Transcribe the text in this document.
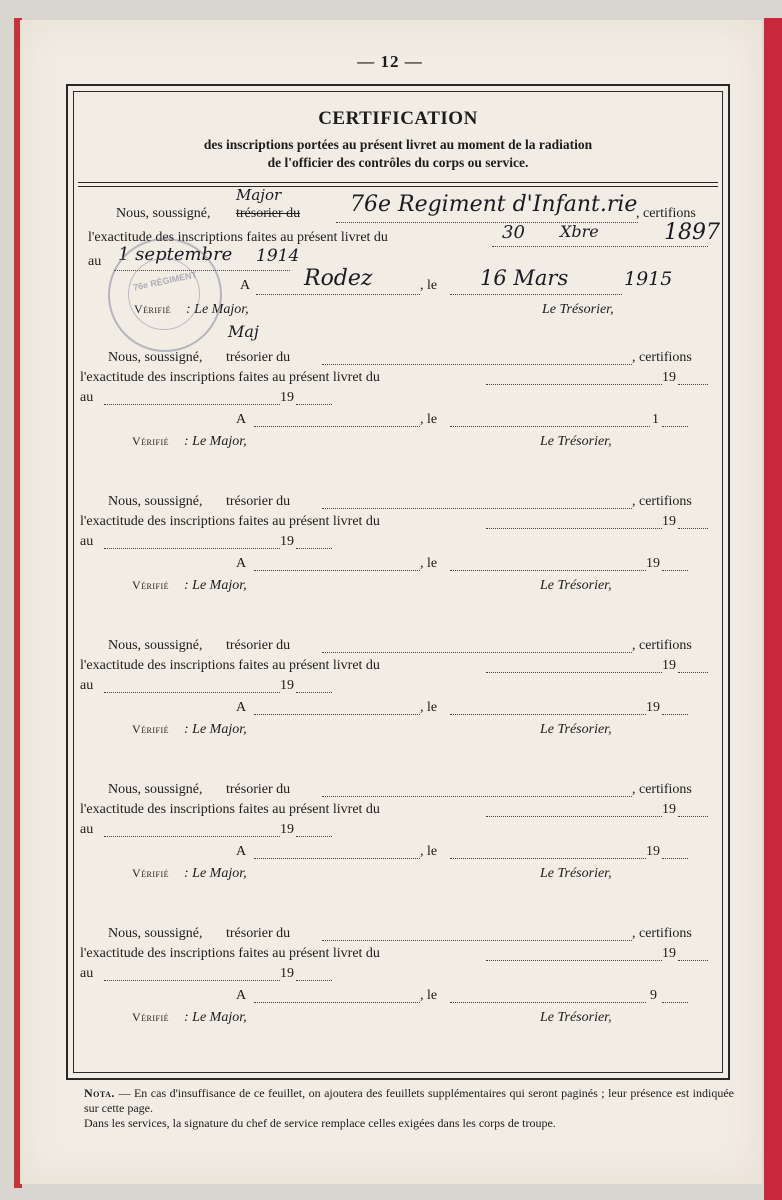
— 12 —
CERTIFICATION
des inscriptions portées au présent livret au moment de la radiation
de l'officier des contrôles du corps ou service.
Nous, soussigné, trésorier du
Major	76e Regiment d'Infant.rie
, certifions
l'exactitude des inscriptions faites au présent livret du	30 Xbre	1897
au 1 septembre 1914
A Rodez	, le 16 Mars	1915
Vérifié : Le Major,	Le Trésorier,
Maj
Nous, soussigné, trésorier du	, certifions
l'exactitude des inscriptions faites au présent livret du	19
au	19
A	, le	1
Vérifié : Le Major,	Le Trésorier,
Nous, soussigné, trésorier du	, certifions
l'exactitude des inscriptions faites au présent livret du	19
au	19
A	, le	19
Vérifié : Le Major,	Le Trésorier,
Nous, soussigné, trésorier du	, certifions
l'exactitude des inscriptions faites au présent livret du	19
au	19
A	, le	19
Vérifié : Le Major,	Le Trésorier,
Nous, soussigné, trésorier du	, certifions
l'exactitude des inscriptions faites au présent livret du	19
au	19
A	, le	19
Vérifié : Le Major,	Le Trésorier,
Nous, soussigné, trésorier du	, certifions
l'exactitude des inscriptions faites au présent livret du	19
au	19
A	, le	9
Vérifié : Le Major,	Le Trésorier,
76e RÉGIMENT
Nota. — En cas d'insuffisance de ce feuillet, on ajoutera des feuillets supplémentaires qui seront paginés ; leur présence est indiquée sur cette page.
Dans les services, la signature du chef de service remplace celles exigées dans les corps de troupe.
